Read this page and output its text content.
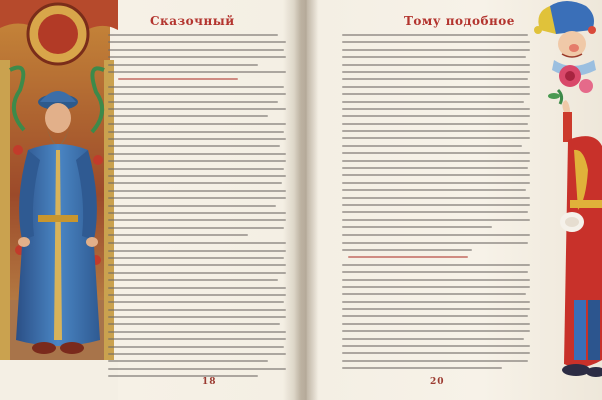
Сказочный
18
Тому подобное
20
